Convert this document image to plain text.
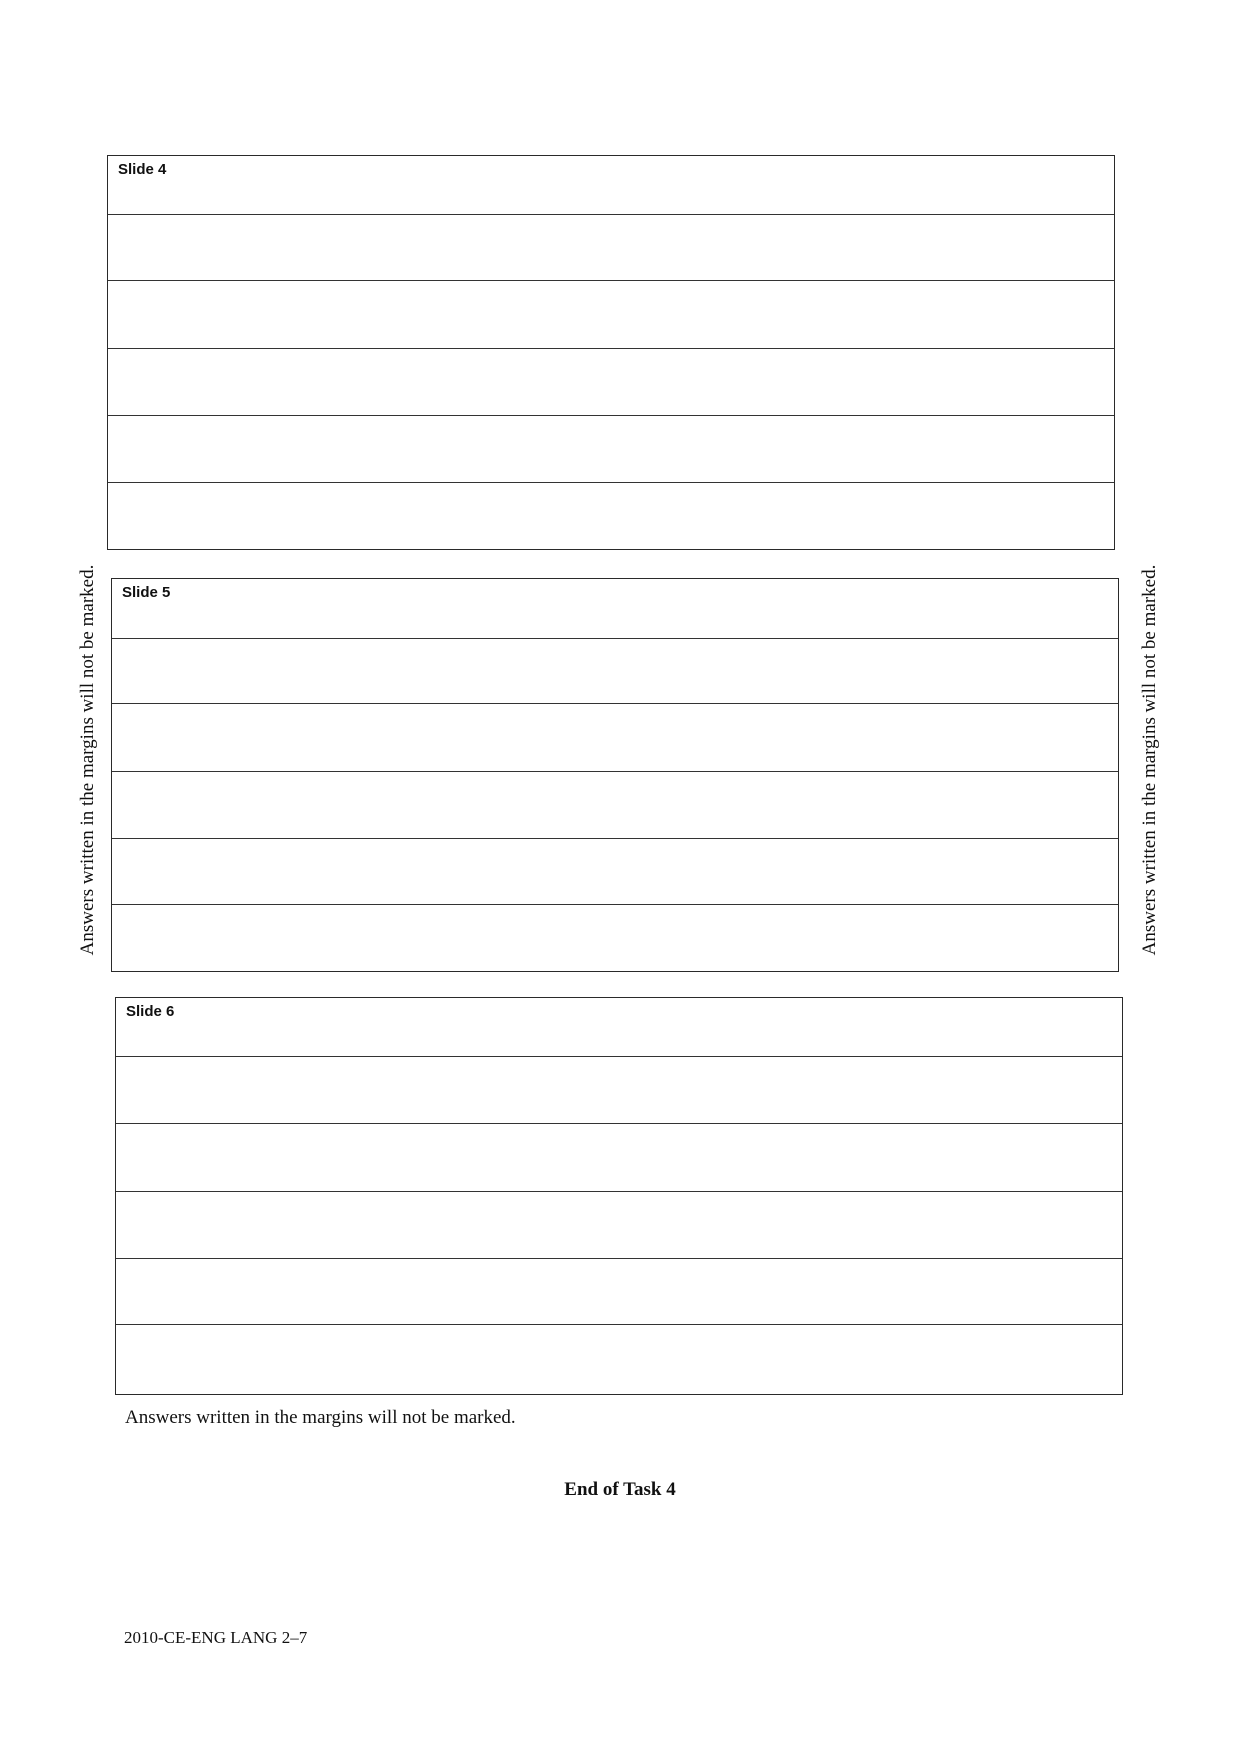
Answers written in the margins will not be marked.	Answers written in the margins will not be marked.
Slide 4
Slide 5
Slide 6
Answers written in the margins will not be marked.
End of Task 4
2010-CE-ENG LANG 2–7
